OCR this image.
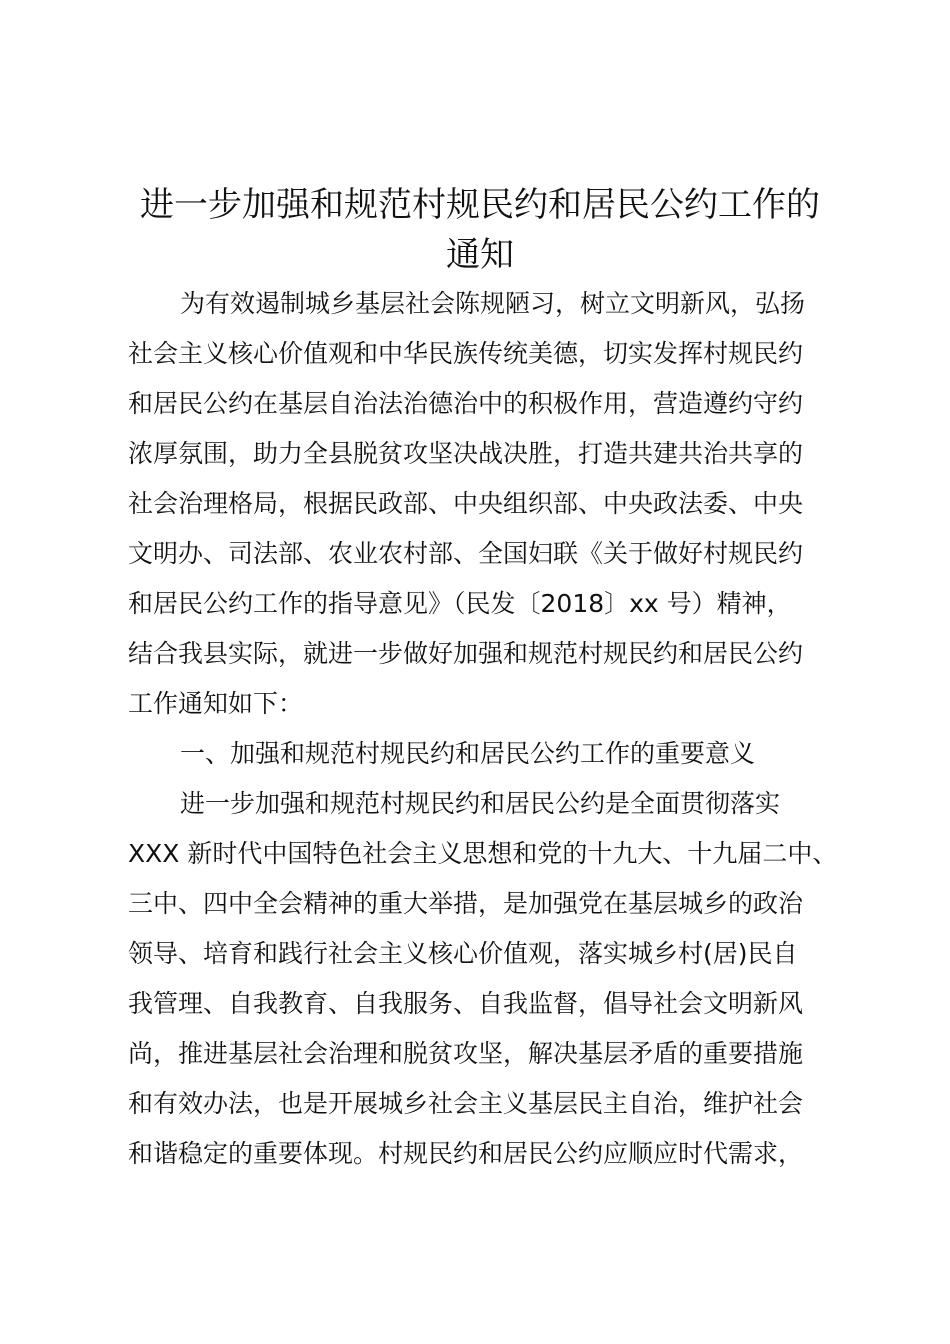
进一步加强和规范村规民约和居民公约工作的
通知

为有效遏制城乡基层社会陈规陋习，树立文明新风，弘扬

社会主义核心价值观和中华民族传统美德，切实发挥村规民约

和居民公约在基层自治法治德治中的积极作用，营造遵约守约

浓厚氛围，助力全县脱贫攻坚决战决胜，打造共建共治共享的

社会治理格局，根据民政部、中央组织部、中央政法委、中央

文明办、司法部、农业农村部、全国妇联《关于做好村规民约

和居民公约工作的指导意见》（民发〔2018〕xx 号）精神，

结合我县实际，就进一步做好加强和规范村规民约和居民公约

工作通知如下：

一、加强和规范村规民约和居民公约工作的重要意义

进一步加强和规范村规民约和居民公约是全面贯彻落实

XXX 新时代中国特色社会主义思想和党的十九大、十九届二中、

三中、四中全会精神的重大举措，是加强党在基层城乡的政治

领导、培育和践行社会主义核心价值观，落实城乡村(居)民自

我管理、自我教育、自我服务、自我监督，倡导社会文明新风

尚，推进基层社会治理和脱贫攻坚，解决基层矛盾的重要措施

和有效办法，也是开展城乡社会主义基层民主自治，维护社会

和谐稳定的重要体现。村规民约和居民公约应顺应时代需求，
